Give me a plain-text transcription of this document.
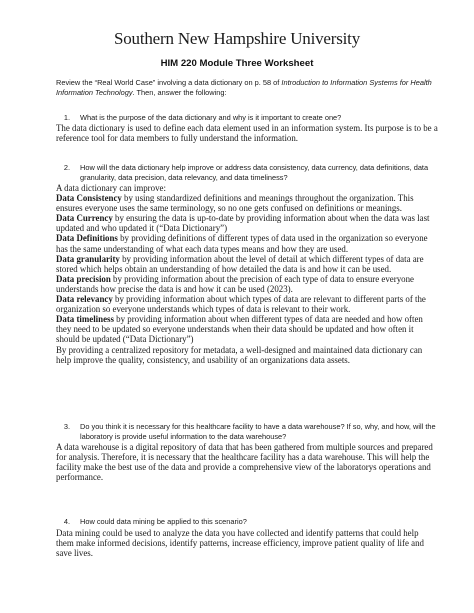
Southern New Hampshire University
HIM 220 Module Three Worksheet

Review the “Real World Case” involving a data dictionary on p. 58 of Introduction to Information Systems for Health Information Technology. Then, answer the following:

1. What is the purpose of the data dictionary and why is it important to create one?

The data dictionary is used to define each data element used in an information system. Its purpose is to be a reference tool for data members to fully understand the information.

2. How will the data dictionary help improve or address data consistency, data currency, data definitions, data granularity, data precision, data relevancy, and data timeliness?

A data dictionary can improve:

Data Consistency by using standardized definitions and meanings throughout the organization. This ensures everyone uses the same terminology, so no one gets confused on definitions or meanings.

Data Currency by ensuring the data is up-to-date by providing information about when the data was last updated and who updated it (“Data Dictionary”)

Data Definitions by providing definitions of different types of data used in the organization so everyone has the same understanding of what each data types means and how they are used.

Data granularity by providing information about the level of detail at which different types of data are stored which helps obtain an understanding of how detailed the data is and how it can be used.

Data precision by providing information about the precision of each type of data to ensure everyone understands how precise the data is and how it can be used (2023).

Data relevancy by providing information about which types of data are relevant to different parts of the organization so everyone understands which types of data is relevant to their work.

Data timeliness by providing information about when different types of data are needed and how often they need to be updated so everyone understands when their data should be updated and how often it should be updated (“Data Dictionary”)

By providing a centralized repository for metadata, a well-designed and maintained data dictionary can help improve the quality, consistency, and usability of an organizations data assets.

3. Do you think it is necessary for this healthcare facility to have a data warehouse? If so, why, and how, will the laboratory is provide useful information to the data warehouse?

A data warehouse is a digital repository of data that has been gathered from multiple sources and prepared for analysis. Therefore, it is necessary that the healthcare facility has a data warehouse. This will help the facility make the best use of the data and provide a comprehensive view of the laboratorys operations and performance.

4. How could data mining be applied to this scenario?

Data mining could be used to analyze the data you have collected and identify patterns that could help them make informed decisions, identify patterns, increase efficiency, improve patient quality of life and save lives.
